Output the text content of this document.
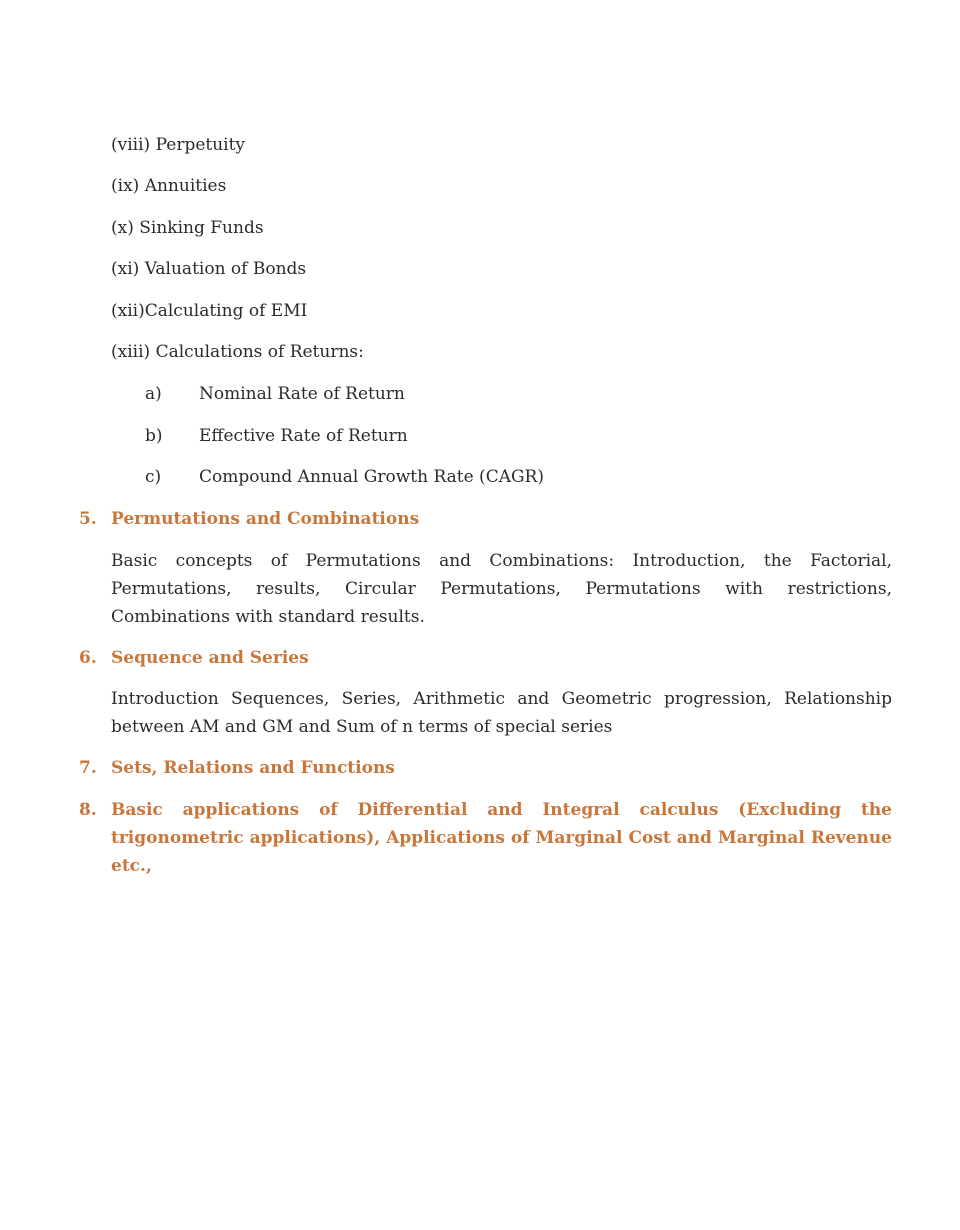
(viii) Perpetuity
(ix) Annuities
(x) Sinking Funds
(xi) Valuation of Bonds
(xii)Calculating of EMI
(xiii) Calculations of Returns:
a) Nominal Rate of Return
b) Effective Rate of Return
c) Compound Annual Growth Rate (CAGR)
5. Permutations and Combinations
Basic concepts of Permutations and Combinations: Introduction, the Factorial, Permutations, results, Circular Permutations, Permutations with restrictions, Combinations with standard results.
6. Sequence and Series
Introduction Sequences, Series, Arithmetic and Geometric progression, Relationship between AM and GM and Sum of n terms of special series
7. Sets, Relations and Functions
8. Basic applications of Differential and Integral calculus (Excluding the trigonometric applications), Applications of Marginal Cost and Marginal Revenue etc.,
